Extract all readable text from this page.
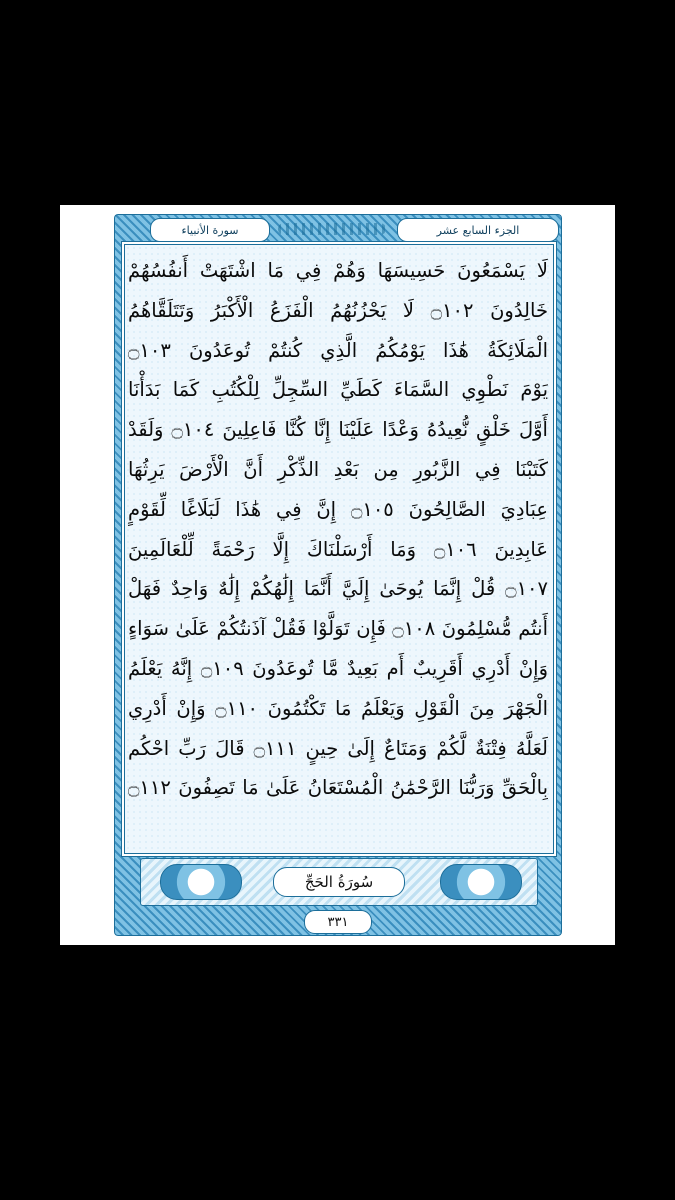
الجزء السابع عشر
سورة الأنبياء
لَا يَسْمَعُونَ حَسِيسَهَا وَهُمْ فِي مَا اشْتَهَتْ أَنفُسُهُمْ
خَالِدُونَ ۝١٠٢ لَا يَحْزُنُهُمُ الْفَزَعُ الْأَكْبَرُ وَتَتَلَقَّاهُمُ
الْمَلَائِكَةُ هَٰذَا يَوْمُكُمُ الَّذِي كُنتُمْ تُوعَدُونَ ۝١٠٣
يَوْمَ نَطْوِي السَّمَاءَ كَطَيِّ السِّجِلِّ لِلْكُتُبِ كَمَا بَدَأْنَا
أَوَّلَ خَلْقٍ نُّعِيدُهُ وَعْدًا عَلَيْنَا إِنَّا كُنَّا فَاعِلِينَ ۝١٠٤ وَلَقَدْ
كَتَبْنَا فِي الزَّبُورِ مِن بَعْدِ الذِّكْرِ أَنَّ الْأَرْضَ يَرِثُهَا
عِبَادِيَ الصَّالِحُونَ ۝١٠٥ إِنَّ فِي هَٰذَا لَبَلَاغًا لِّقَوْمٍ
عَابِدِينَ ۝١٠٦ وَمَا أَرْسَلْنَاكَ إِلَّا رَحْمَةً لِّلْعَالَمِينَ
۝١٠٧ قُلْ إِنَّمَا يُوحَىٰ إِلَيَّ أَنَّمَا إِلَٰهُكُمْ إِلَٰهٌ وَاحِدٌ فَهَلْ
أَنتُم مُّسْلِمُونَ ۝١٠٨ فَإِن تَوَلَّوْا فَقُلْ آذَنتُكُمْ عَلَىٰ سَوَاءٍ
وَإِنْ أَدْرِي أَقَرِيبٌ أَم بَعِيدٌ مَّا تُوعَدُونَ ۝١٠٩ إِنَّهُ يَعْلَمُ
الْجَهْرَ مِنَ الْقَوْلِ وَيَعْلَمُ مَا تَكْتُمُونَ ۝١١٠ وَإِنْ أَدْرِي
لَعَلَّهُ فِتْنَةٌ لَّكُمْ وَمَتَاعٌ إِلَىٰ حِينٍ ۝١١١ قَالَ رَبِّ احْكُم
بِالْحَقِّ وَرَبُّنَا الرَّحْمَٰنُ الْمُسْتَعَانُ عَلَىٰ مَا تَصِفُونَ ۝١١٢
سُورَةُ الحَجِّ
٣٣١
